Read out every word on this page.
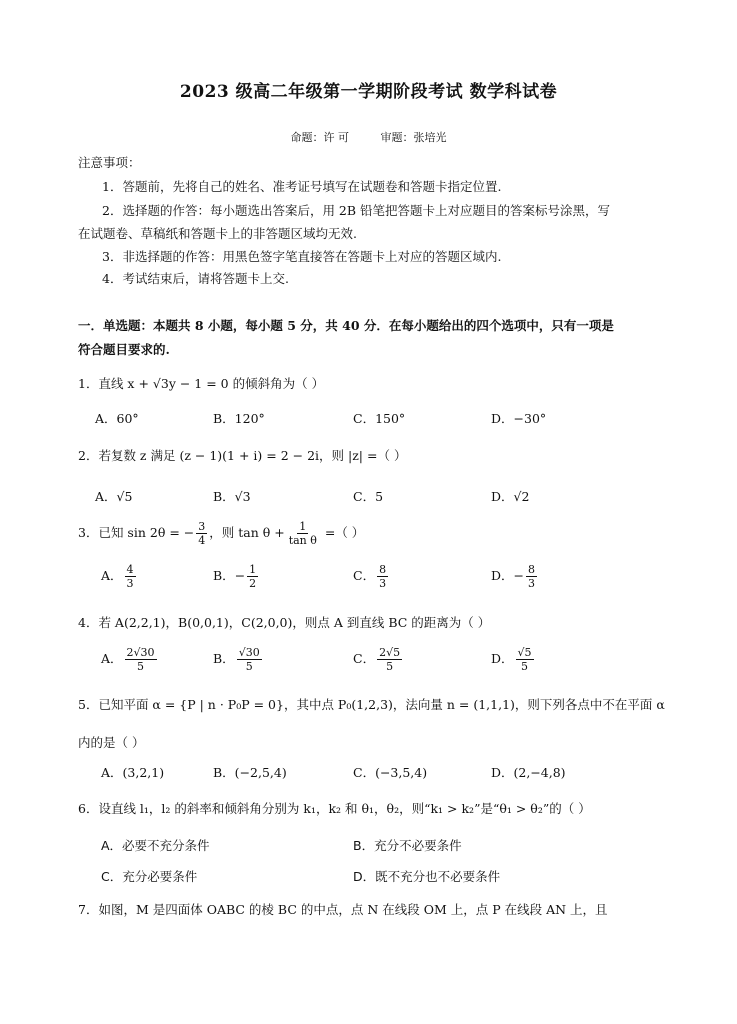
2023 级高二年级第一学期阶段考试 数学科试卷
命题：许 可	审题：张培光
注意事项：
1．答题前，先将自己的姓名、准考证号填写在试题卷和答题卡指定位置.
2．选择题的作答：每小题选出答案后，用 2B 铅笔把答题卡上对应题目的答案标号涂黑，写
在试题卷、草稿纸和答题卡上的非答题区域均无效.
3．非选择题的作答：用黑色签字笔直接答在答题卡上对应的答题区域内.
4．考试结束后，请将答题卡上交.
一．单选题：本题共 8 小题，每小题 5 分，共 40 分．在每小题给出的四个选项中，只有一项是
符合题目要求的.
1．直线 x + √3y − 1 = 0 的倾斜角为（ ）
A．60°	B．120°	C．150°	D．−30°
2．若复数 z 满足 (z − 1)(1 + i) = 2 − 2i，则 |z| =（ ）
A．√5	B．√3	C．5	D．√2
3．已知 sin 2θ = − $\frac{3}{4}$ ，则 $\tan \theta + \frac{1}{\text{tan θ}}$ =（ ）
A． $\frac{4}{3}$	B．− $\frac{1}{2}$	C． $\frac{8}{3}$	D．− $\frac{8}{3}$
4．若 A(2,2,1)，B(0,0,1)，C(2,0,0)，则点 A 到直线 BC 的距离为（ ）
A． $\frac{2√30}{5}$	B． $\frac{√30}{5}$	C． $\frac{2√5}{5}$	D． $\frac{√5}{5}$
5．已知平面 α = {P | n · P₀P = 0}，其中点 P₀(1,2,3)，法向量 n = (1,1,1)，则下列各点中不在平面 α
内的是（ ）
A．(3,2,1)	B．(−2,5,4)	C．(−3,5,4)	D．(2,−4,8)
6．设直线 l₁，l₂ 的斜率和倾斜角分别为 k₁，k₂ 和 θ₁，θ₂，则“k₁ > k₂”是“θ₁ > θ₂”的（ ）
A．必要不充分条件	B．充分不必要条件
C．充分必要条件	D．既不充分也不必要条件
7．如图，M 是四面体 OABC 的棱 BC 的中点，点 N 在线段 OM 上，点 P 在线段 AN 上，且
